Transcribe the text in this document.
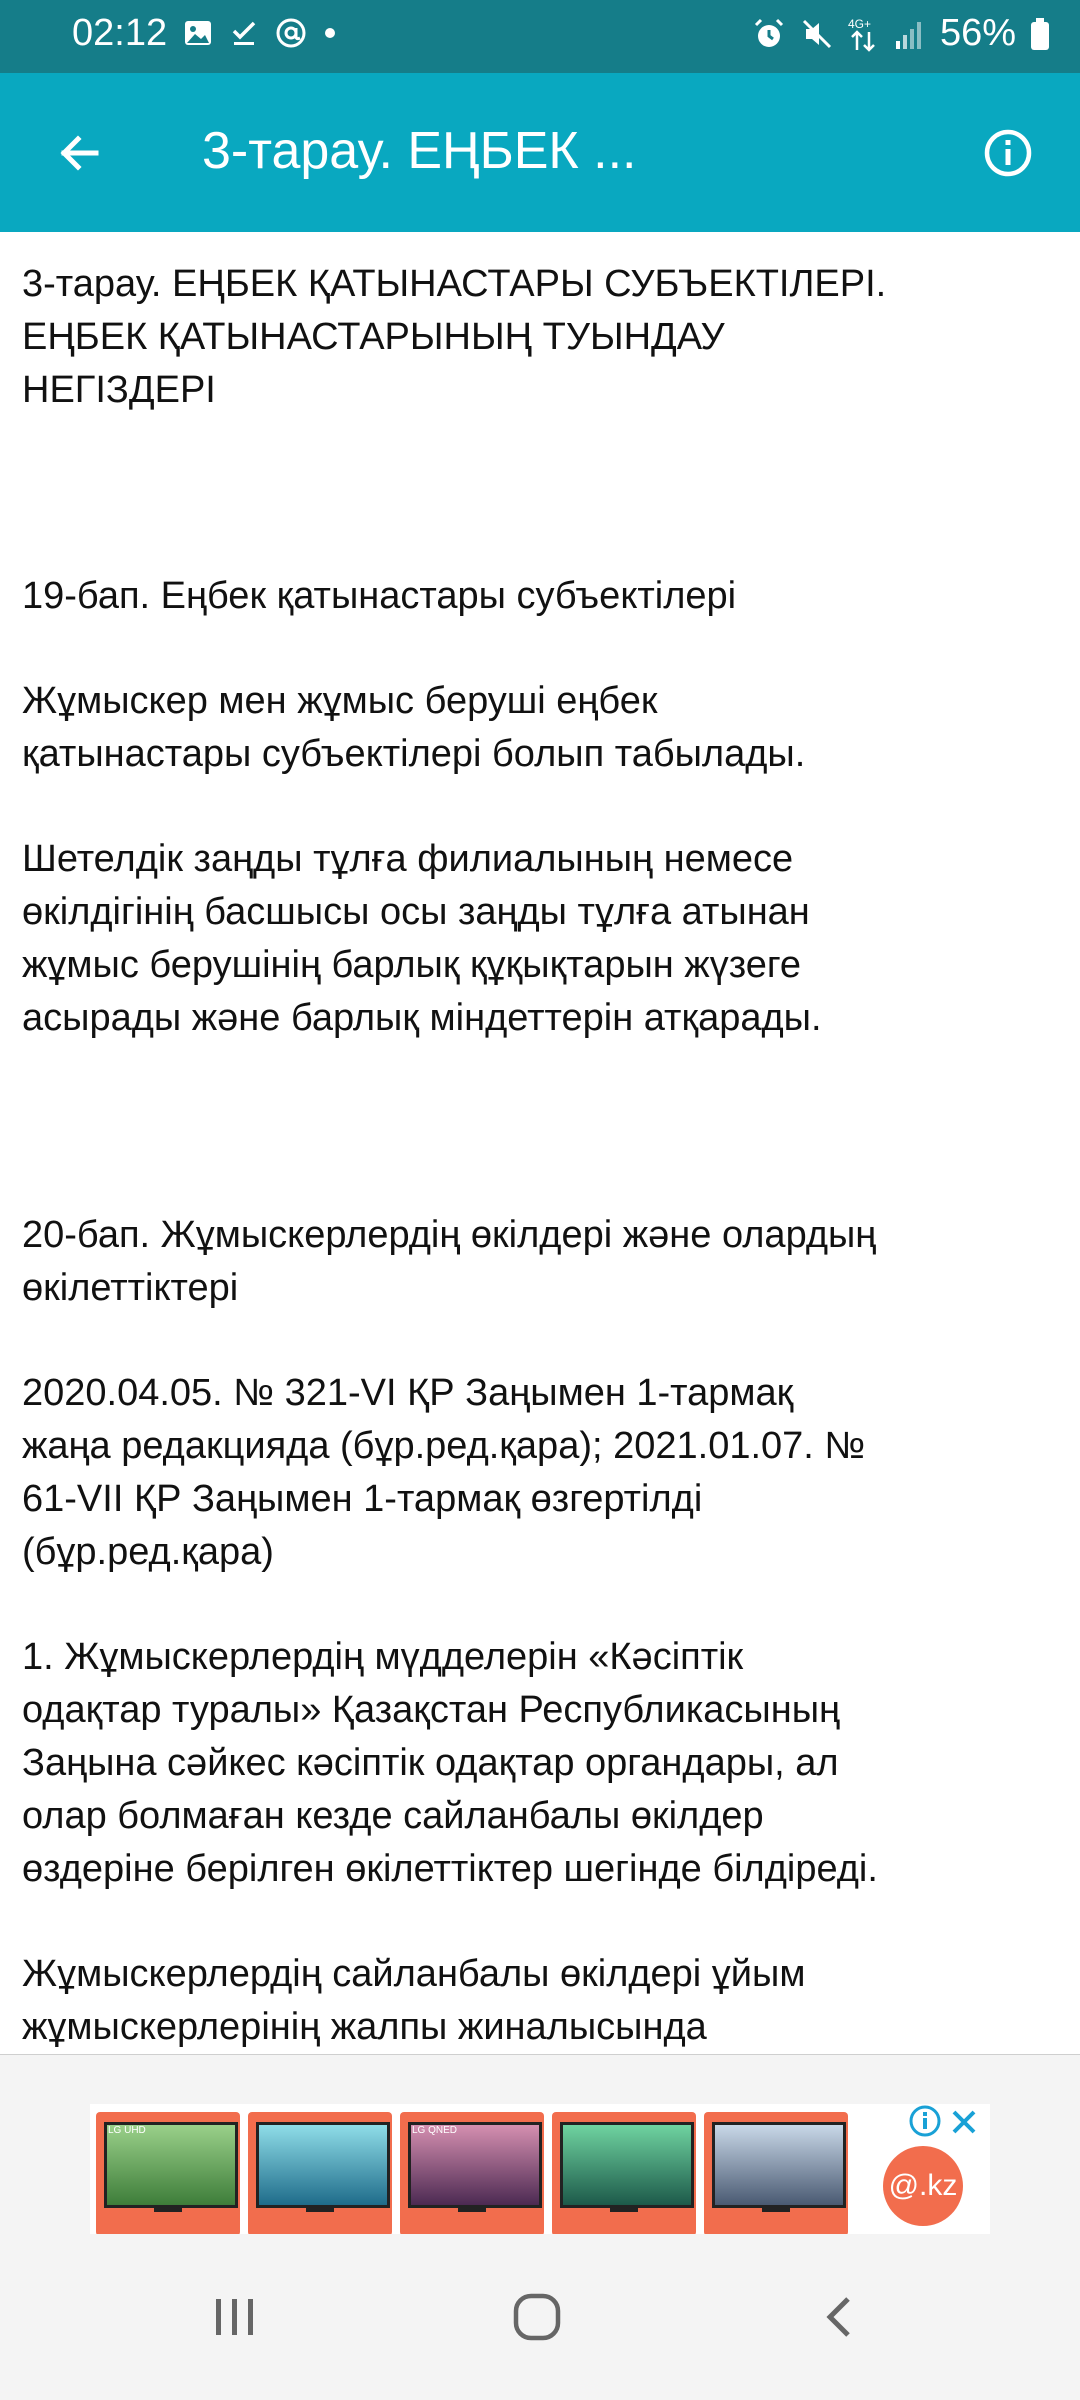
02:12	4G+ 56%
3-тарау. ЕҢБЕК ...
3-тарау. ЕҢБЕК ҚАТЫНАСТАРЫ СУБЪЕКТІЛЕРІ.
ЕҢБЕК ҚАТЫНАСТАРЫНЫҢ ТУЫНДАУ
НЕГІЗДЕРІ
19-бап. Еңбек қатынастары субъектілері
Жұмыскер мен жұмыс беруші еңбек
қатынастары субъектілері болып табылады.
Шетелдік заңды тұлға филиалының немесе
өкілдігінің басшысы осы заңды тұлға атынан
жұмыс берушінің барлық құқықтарын жүзеге
асырады және барлық міндеттерін атқарады.
20-бап. Жұмыскерлердің өкілдері және олардың
өкілеттіктері
2020.04.05. № 321-VI ҚР Заңымен 1-тармақ
жаңа редакцияда (бұр.ред.қара); 2021.01.07. №
61-VII ҚР Заңымен 1-тармақ өзгертілді
(бұр.ред.қара)
1. Жұмыскерлердің мүдделерін «Кәсіптік
одақтар туралы» Қазақстан Республикасының
Заңына сәйкес кәсіптік одақтар органдары, ал
олар болмаған кезде сайланбалы өкілдер
өздеріне берілген өкілеттіктер шегінде білдіреді.
Жұмыскерлердің сайланбалы өкілдері ұйым
жұмыскерлерінің жалпы жиналысында
LG UHD	LG QNED
@.kz
